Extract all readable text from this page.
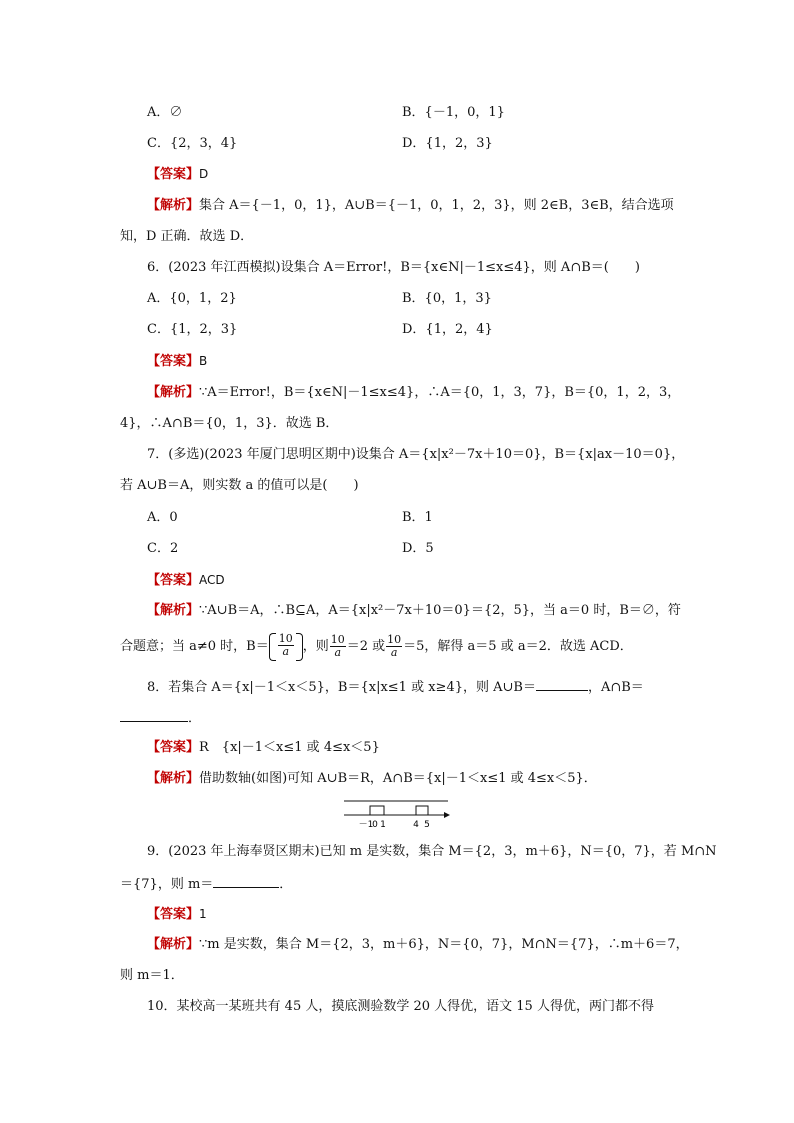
A．∅	B．{－1，0，1}
C．{2，3，4}	D．{1，2，3}
【答案】D
【解析】集合 A＝{－1，0，1}，A∪B＝{－1，0，1，2，3}，则 2∈B，3∈B，结合选项
知，D 正确．故选 D．
6．(2023 年江西模拟)设集合 A＝Error!，B＝{x∈N|－1≤x≤4}，则 A∩B＝(　　)
A．{0，1，2}	B．{0，1，3}
C．{1，2，3}	D．{1，2，4}
【答案】B
【解析】∵A＝Error!，B＝{x∈N|－1≤x≤4}，∴A＝{0，1，3，7}，B＝{0，1，2，3，
4}，∴A∩B＝{0，1，3}．故选 B．
7．(多选)(2023 年厦门思明区期中)设集合 A＝{x|x²－7x＋10＝0}，B＝{x|ax－10＝0}，
若 A∪B＝A，则实数 a 的值可以是(　　)
A．0	B．1
C．2	D．5
【答案】ACD
【解析】∵A∪B＝A，∴B⊆A，A＝{x|x²－7x＋10＝0}＝{2，5}，当 a＝0 时，B＝∅，符
合题意；当 a≠0 时，$B= \frac{10}{a}$ ，则 $\frac{10}{a} =2$ 或 $\frac{10}{a} =5$，解得 a＝5 或 a＝2．故选 ACD．
8．若集合 A＝{x|－1＜x＜5}，B＝{x|x≤1 或 x≥4}，则 A∪B＝	，A∩B＝
．
【答案】R　{x|－1＜x≤1 或 4≤x＜5}
【解析】借助数轴(如图)可知 A∪B＝R，A∩B＝{x|－1＜x≤1 或 4≤x＜5}．
－1
0 1	4 5
9．(2023 年上海奉贤区期末)已知 m 是实数，集合 M＝{2，3，m＋6}，N＝{0，7}，若 M∩N
＝{7}，则 m＝	．
【答案】1
【解析】∵m 是实数，集合 M＝{2，3，m＋6}，N＝{0，7}，M∩N＝{7}，∴m＋6＝7，
则 m＝1．
10．某校高一某班共有 45 人，摸底测验数学 20 人得优，语文 15 人得优，两门都不得
